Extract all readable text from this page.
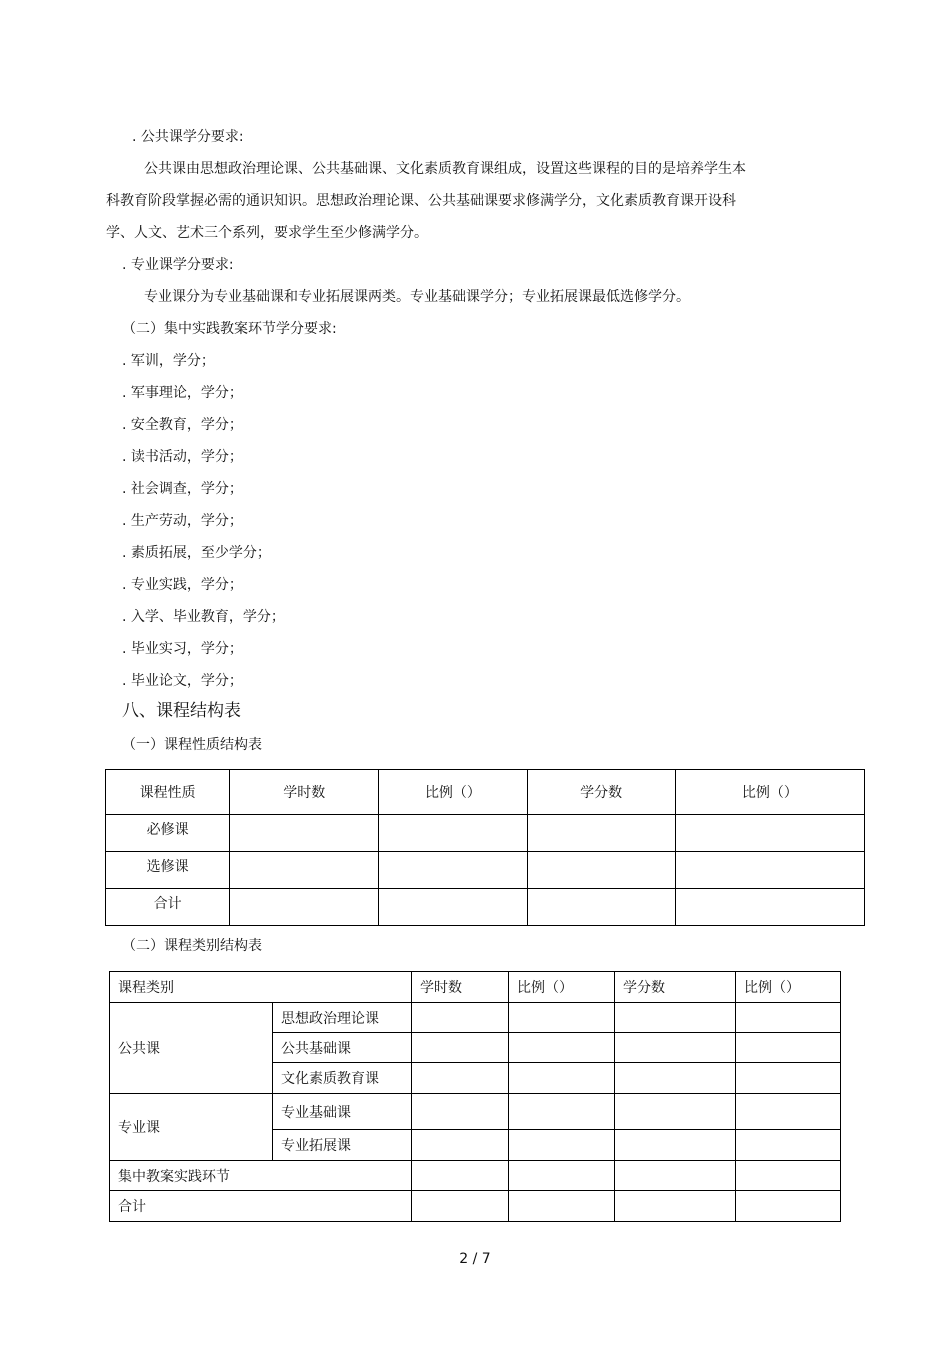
. 公共课学分要求:
公共课由思想政治理论课、公共基础课、文化素质教育课组成，设置这些课程的目的是培养学生本
科教育阶段掌握必需的通识知识。思想政治理论课、公共基础课要求修满学分，文化素质教育课开设科
学、人文、艺术三个系列，要求学生至少修满学分。
. 专业课学分要求:
专业课分为专业基础课和专业拓展课两类。专业基础课学分；专业拓展课最低选修学分。
（二）集中实践教案环节学分要求:
. 军训，学分；
. 军事理论，学分；
. 安全教育，学分；
. 读书活动，学分；
. 社会调查，学分；
. 生产劳动，学分；
. 素质拓展，至少学分；
. 专业实践，学分；
. 入学、毕业教育，学分；
. 毕业实习，学分；
. 毕业论文，学分；
八、课程结构表
（一）课程性质结构表
课程性质	学时数	比例（）	学分数	比例（）
必修课				
选修课				
合计				
（二）课程类别结构表
课程类别		学时数	比例（）	学分数	比例（）
公共课	思想政治理论课				
	公共基础课				
	文化素质教育课				
专业课	专业基础课				
	专业拓展课				
集中教案实践环节					
合计					
2 / 7
